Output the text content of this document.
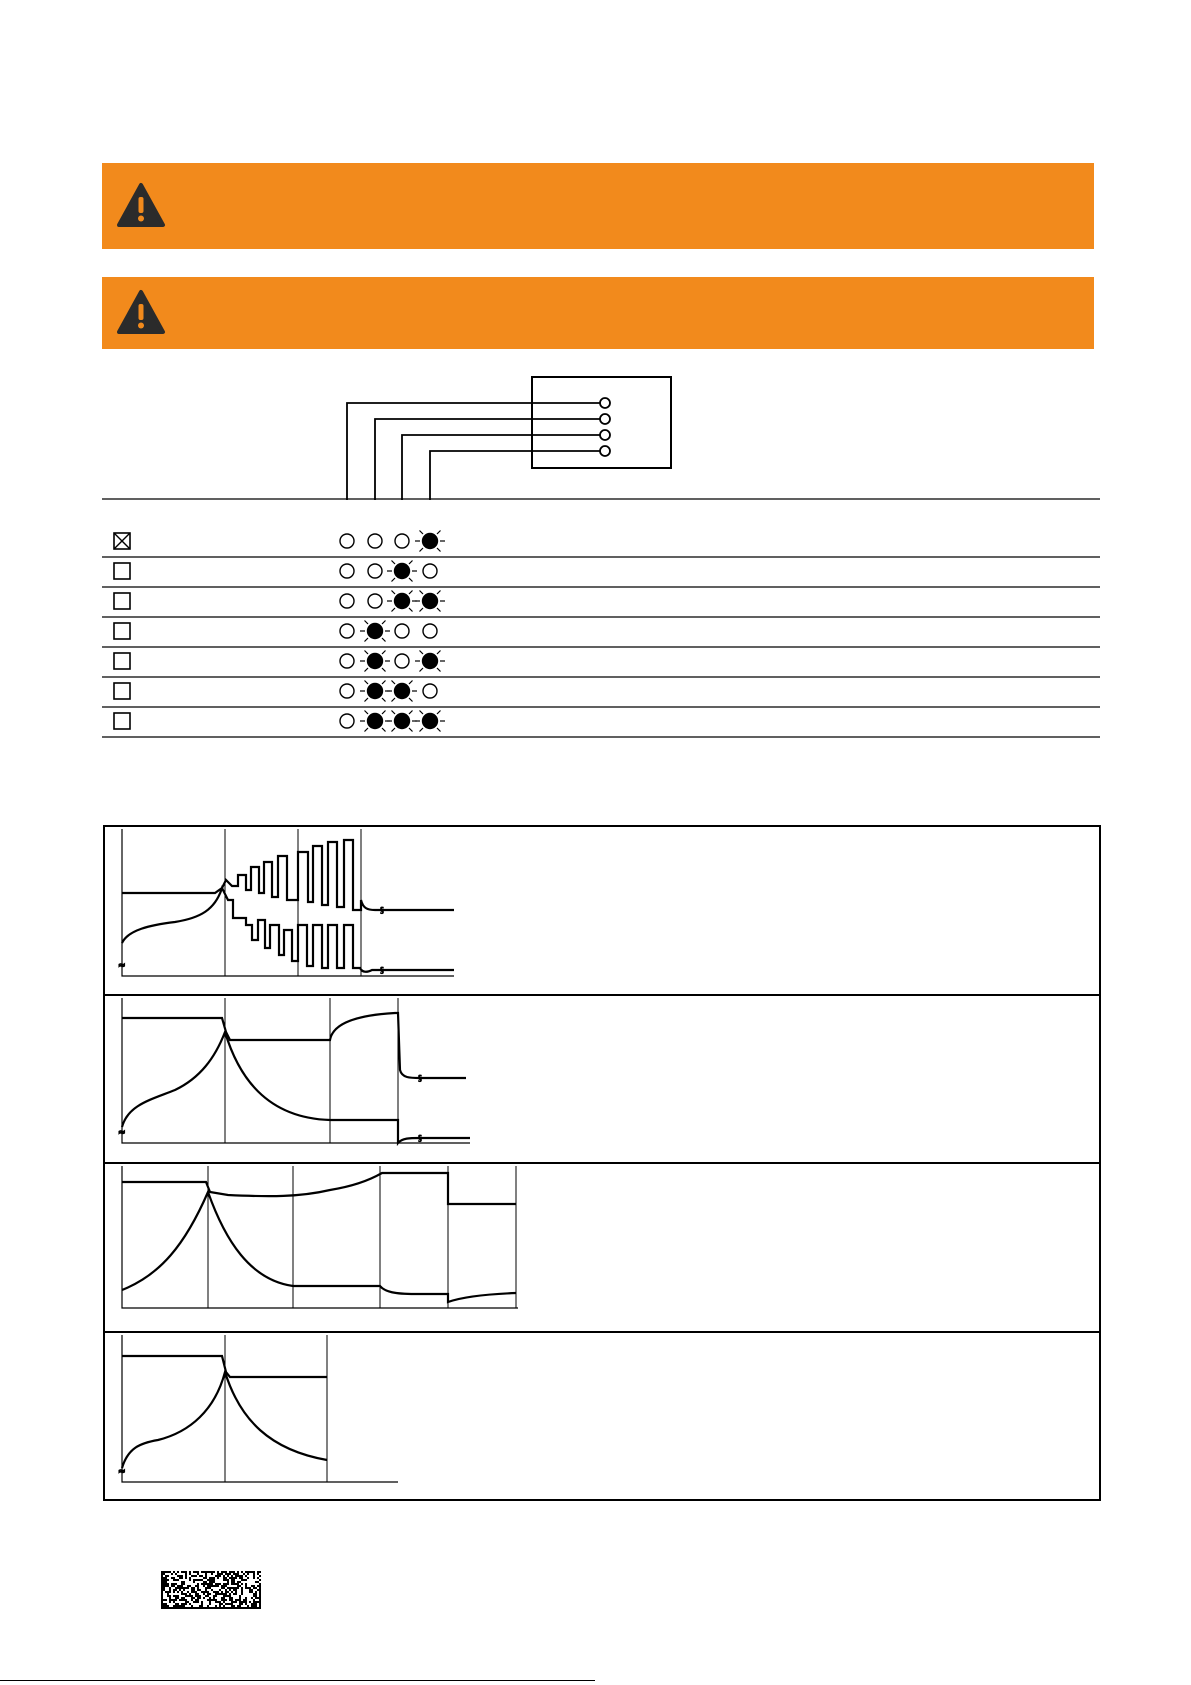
≈
§
§
≈
§
§
≈
